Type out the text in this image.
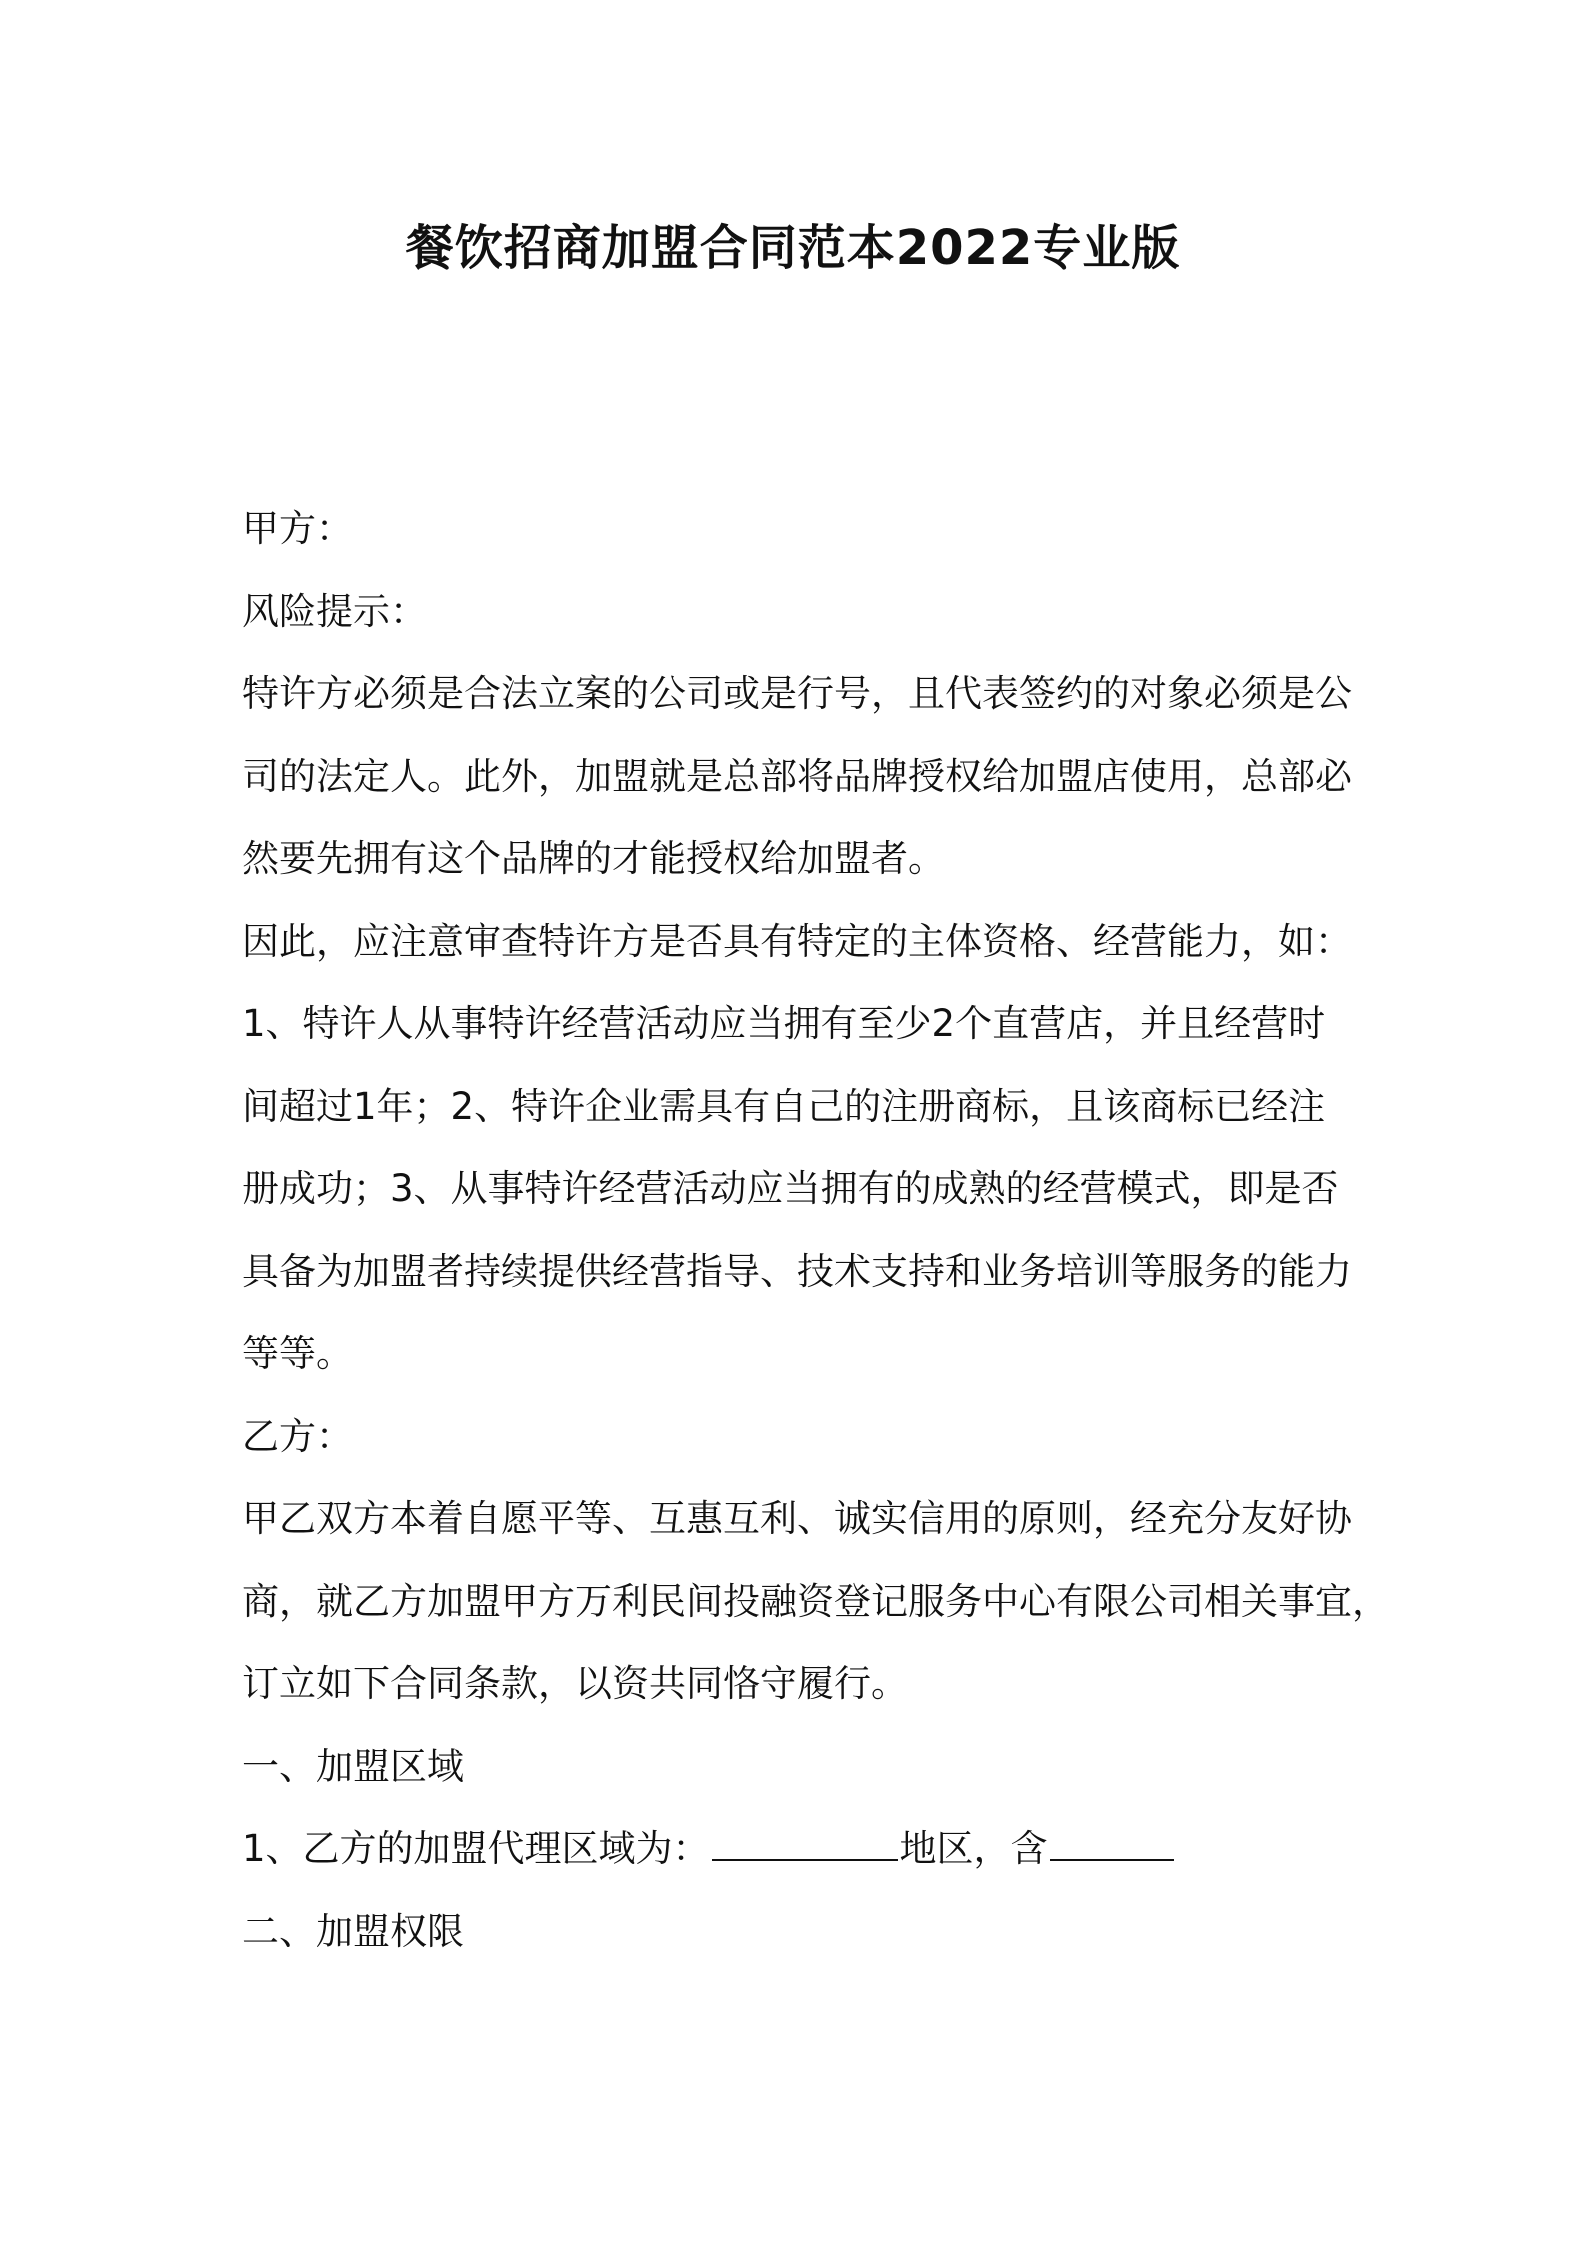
餐饮招商加盟合同范本2022专业版

甲方：

风险提示：

特许方必须是合法立案的公司或是行号，且代表签约的对象必须是公

司的法定人。此外，加盟就是总部将品牌授权给加盟店使用，总部必

然要先拥有这个品牌的才能授权给加盟者。

因此，应注意审查特许方是否具有特定的主体资格、经营能力，如：

1、特许人从事特许经营活动应当拥有至少2个直营店，并且经营时

间超过1年；2、特许企业需具有自己的注册商标，且该商标已经注

册成功；3、从事特许经营活动应当拥有的成熟的经营模式，即是否

具备为加盟者持续提供经营指导、技术支持和业务培训等服务的能力

等等。

乙方：

甲乙双方本着自愿平等、互惠互利、诚实信用的原则，经充分友好协

商，就乙方加盟甲方万利民间投融资登记服务中心有限公司相关事宜，

订立如下合同条款，以资共同恪守履行。

一、加盟区域

1、乙方的加盟代理区域为：	地区，含

二、加盟权限
